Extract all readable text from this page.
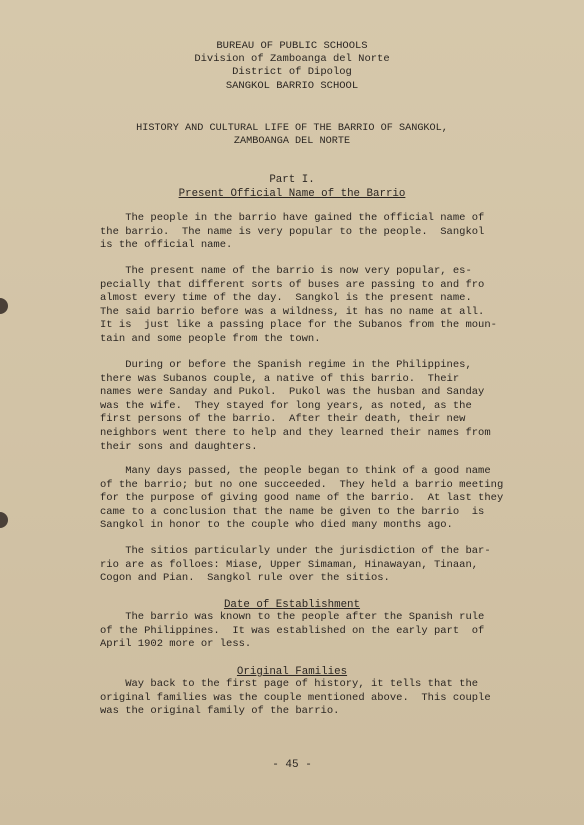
BUREAU OF PUBLIC SCHOOLS
Division of Zamboanga del Norte
District of Dipolog
SANGKOL BARRIO SCHOOL
HISTORY AND CULTURAL LIFE OF THE BARRIO OF SANGKOL,
ZAMBOANGA DEL NORTE
Part I.
Present Official Name of the Barrio

The people in the barrio have gained the official name of
the barrio.  The name is very popular to the people.  Sangkol
is the official name.

The present name of the barrio is now very popular, es-
pecially that different sorts of buses are passing to and fro
almost every time of the day.  Sangkol is the present name.
The said barrio before was a wildness, it has no name at all.
It is  just like a passing place for the Subanos from the moun-
tain and some people from the town.

During or before the Spanish regime in the Philippines,
there was Subanos couple, a native of this barrio.  Their
names were Sanday and Pukol.  Pukol was the husban and Sanday
was the wife.  They stayed for long years, as noted, as the
first persons of the barrio.  After their death, their new
neighbors went there to help and they learned their names from
their sons and daughters.

Many days passed, the people began to think of a good name
of the barrio; but no one succeeded.  They held a barrio meeting
for the purpose of giving good name of the barrio.  At last they
came to a conclusion that the name be given to the barrio  is
Sangkol in honor to the couple who died many months ago.

The sitios particularly under the jurisdiction of the bar-
rio are as folloes: Miase, Upper Simaman, Hinawayan, Tinaan,
Cogon and Pian.  Sangkol rule over the sitios.

Date of Establishment

The barrio was known to the people after the Spanish rule
of the Philippines.  It was established on the early part  of
April 1902 more or less.

Original Families

Way back to the first page of history, it tells that the
original families was the couple mentioned above.  This couple
was the original family of the barrio.

- 45 -
